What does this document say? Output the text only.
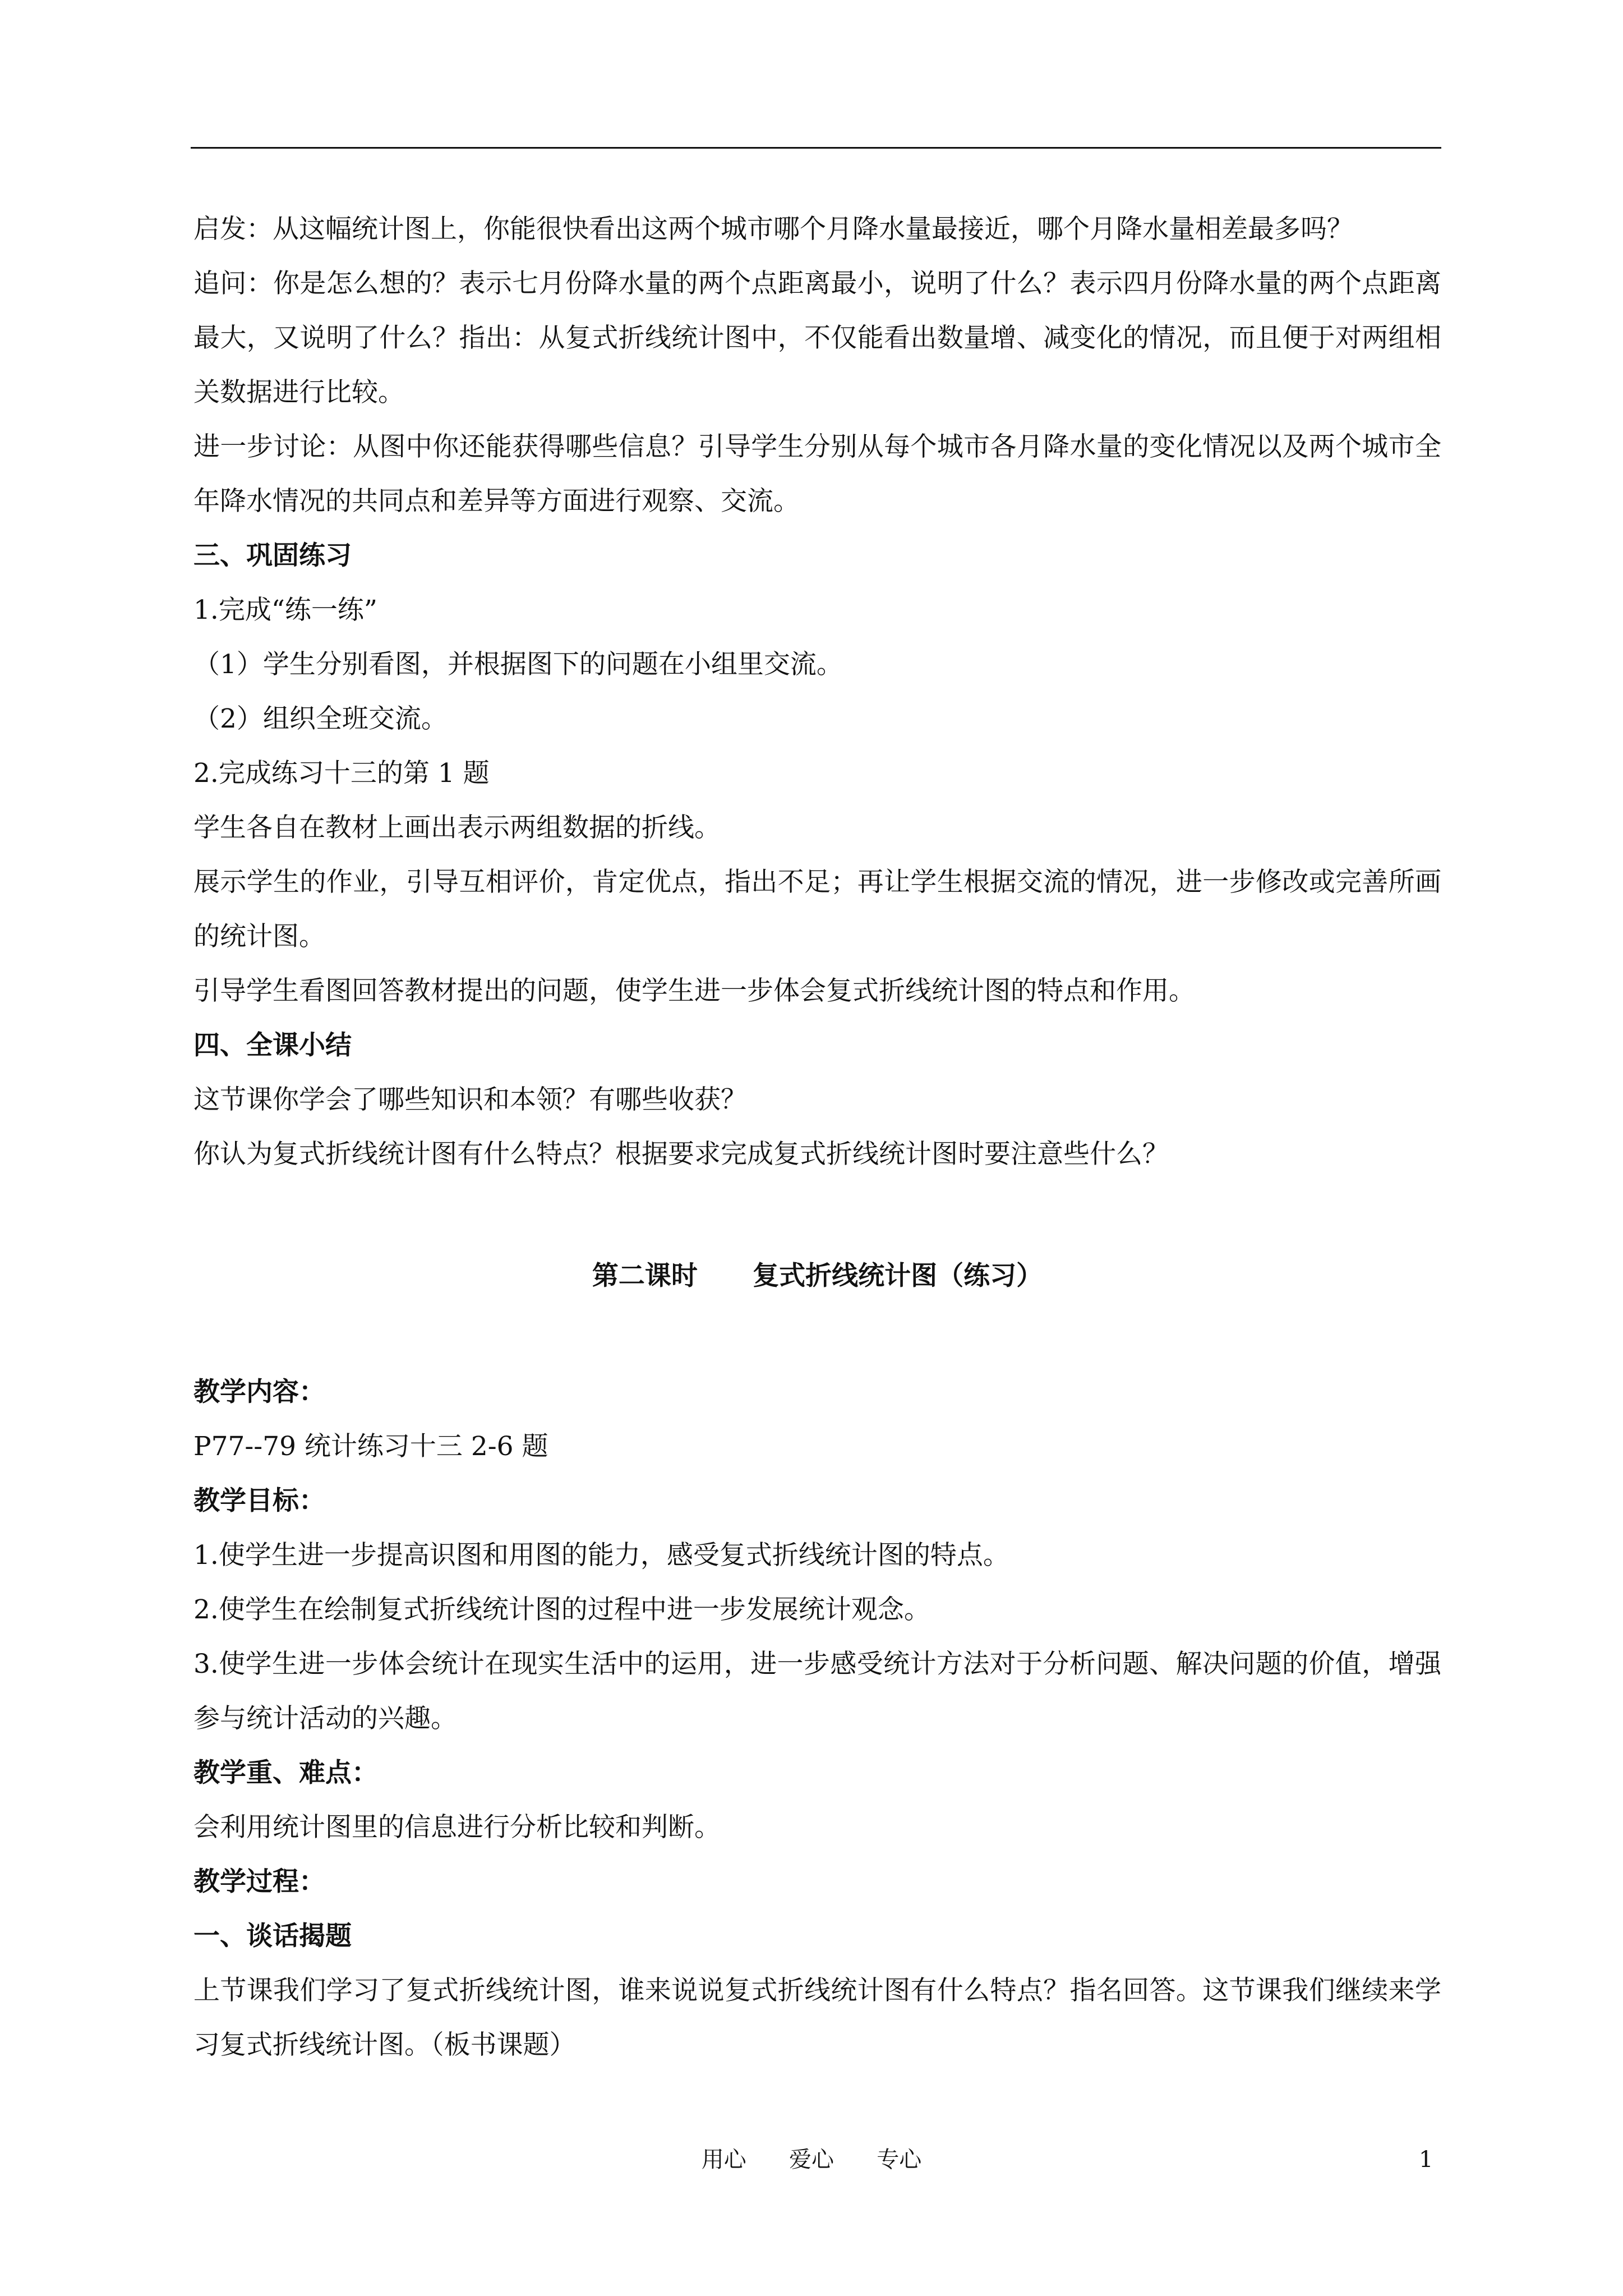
启发：从这幅统计图上，你能很快看出这两个城市哪个月降水量最接近，哪个月降水量相差最多吗？

追问：你是怎么想的？表示七月份降水量的两个点距离最小，说明了什么？表示四月份降水量的两个点距离最大，又说明了什么？指出：从复式折线统计图中，不仅能看出数量增、减变化的情况，而且便于对两组相关数据进行比较。

进一步讨论：从图中你还能获得哪些信息？引导学生分别从每个城市各月降水量的变化情况以及两个城市全年降水情况的共同点和差异等方面进行观察、交流。

三、巩固练习

1.完成“练一练”

（1）学生分别看图，并根据图下的问题在小组里交流。

（2）组织全班交流。

2.完成练习十三的第 1 题

学生各自在教材上画出表示两组数据的折线。

展示学生的作业，引导互相评价，肯定优点，指出不足；再让学生根据交流的情况，进一步修改或完善所画的统计图。

引导学生看图回答教材提出的问题，使学生进一步体会复式折线统计图的特点和作用。

四、全课小结

这节课你学会了哪些知识和本领？有哪些收获？

你认为复式折线统计图有什么特点？根据要求完成复式折线统计图时要注意些什么？

第二课时      复式折线统计图（练习）

教学内容：

P77--79 统计练习十三 2-6 题

教学目标：

1.使学生进一步提高识图和用图的能力，感受复式折线统计图的特点。

2.使学生在绘制复式折线统计图的过程中进一步发展统计观念。

3.使学生进一步体会统计在现实生活中的运用，进一步感受统计方法对于分析问题、解决问题的价值，增强参与统计活动的兴趣。

教学重、难点：

会利用统计图里的信息进行分析比较和判断。

教学过程：

一、谈话揭题

上节课我们学习了复式折线统计图，谁来说说复式折线统计图有什么特点？指名回答。这节课我们继续来学习复式折线统计图。（板书课题）

用心      爱心      专心	1
